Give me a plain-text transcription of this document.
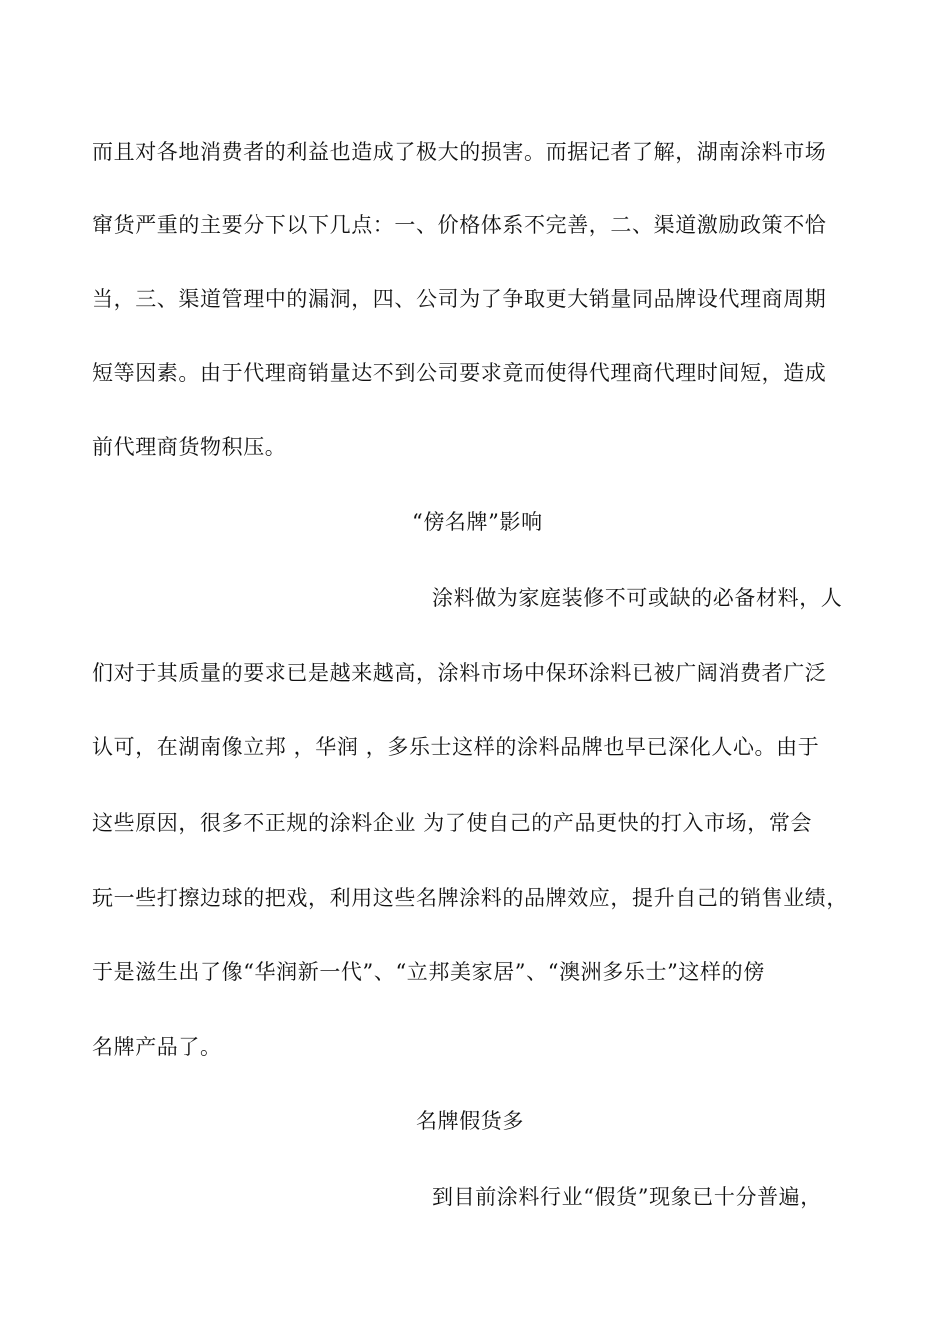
而且对各地消费者的利益也造成了极大的损害。而据记者了解，湖南涂料市场
窜货严重的主要分下以下几点：一、价格体系不完善，二、渠道激励政策不恰
当，三、渠道管理中的漏洞，四、公司为了争取更大销量同品牌设代理商周期
短等因素。由于代理商销量达不到公司要求竟而使得代理商代理时间短，造成
前代理商货物积压。
“傍名牌”影响
涂料做为家庭装修不可或缺的必备材料，人
们对于其质量的要求已是越来越高，涂料市场中保环涂料已被广阔消费者广泛
认可，在湖南像立邦 ，华润 ，多乐士这样的涂料品牌也早已深化人心。由于
这些原因，很多不正规的涂料企业 为了使自己的产品更快的打入市场，常会
玩一些打擦边球的把戏，利用这些名牌涂料的品牌效应，提升自己的销售业绩，
于是滋生出了像“华润新一代”、“立邦美家居”、“澳洲多乐士”这样的傍
名牌产品了。
名牌假货多
到目前涂料行业“假货”现象已十分普遍，
